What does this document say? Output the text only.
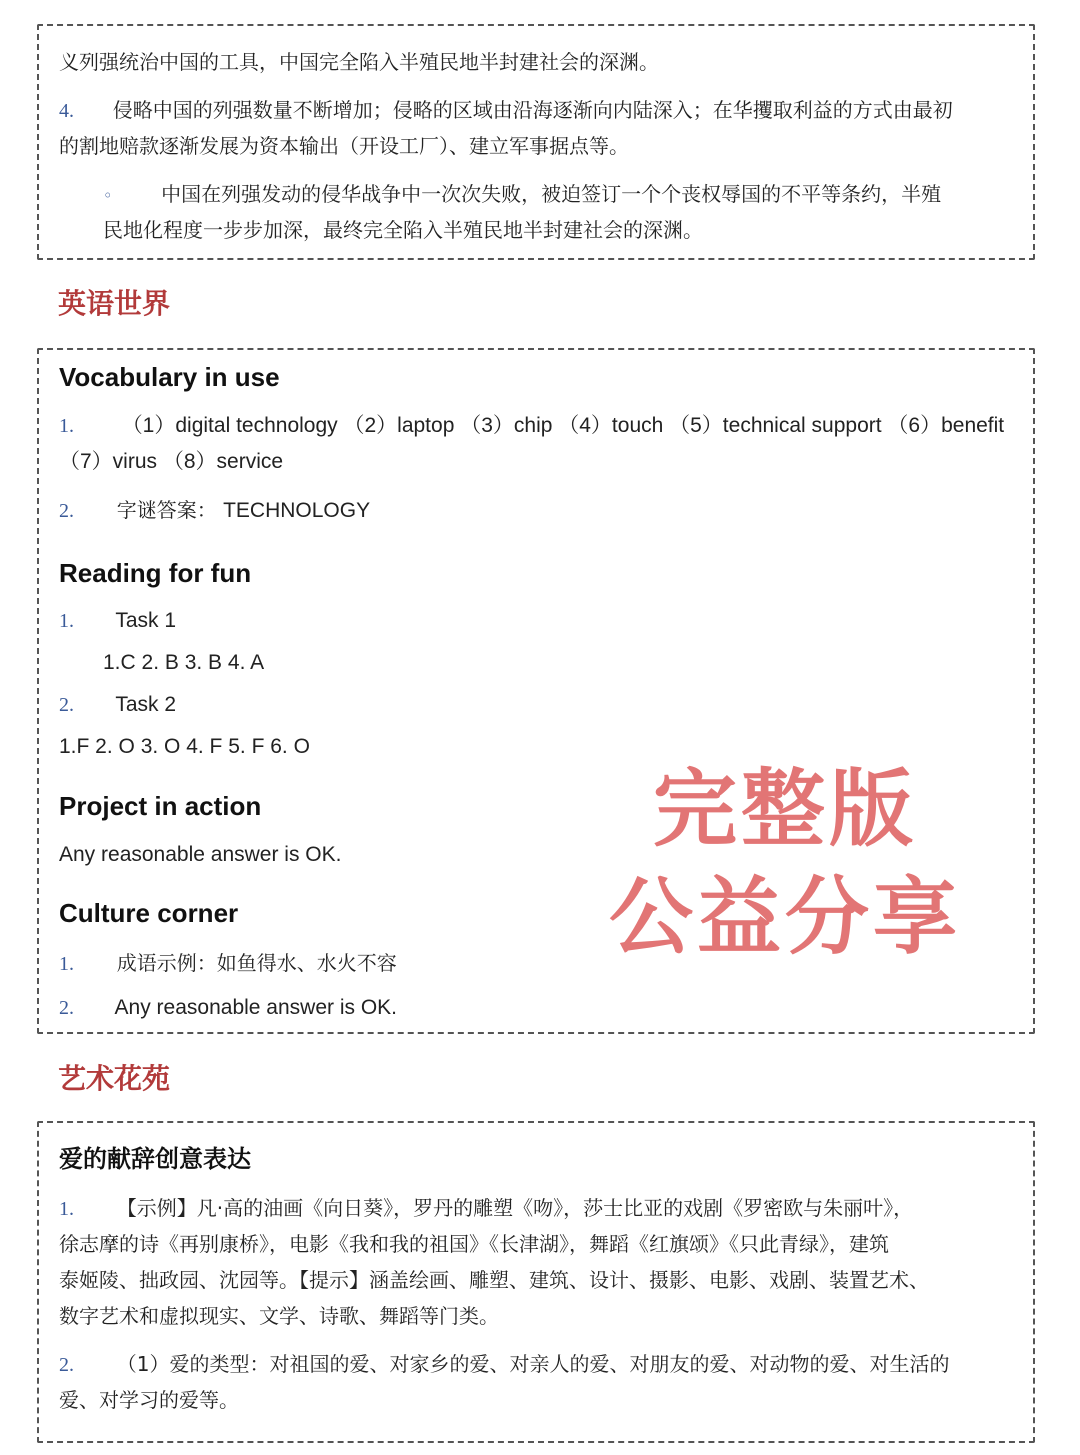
义列强统治中国的工具，中国完全陷入半殖民地半封建社会的深渊。
4. 侵略中国的列强数量不断增加；侵略的区域由沿海逐渐向内陆深入；在华攫取利益的方式由最初
的割地赔款逐渐发展为资本输出（开设工厂）、建立军事据点等。
◦ 中国在列强发动的侵华战争中一次次失败，被迫签订一个个丧权辱国的不平等条约，半殖
民地化程度一步步加深，最终完全陷入半殖民地半封建社会的深渊。
英语世界
Vocabulary in use
1. （1）digital technology （2）laptop （3）chip （4）touch （5）technical support （6）benefit
（7）virus （8）service
2. 字谜答案： TECHNOLOGY
Reading for fun
1. Task 1
1.C 2. B 3. B 4. A
2. Task 2
1.F 2. O 3. O 4. F 5. F 6. O
Project in action
Any reasonable answer is OK.
Culture corner
1. 成语示例：如鱼得水、水火不容
2. Any reasonable answer is OK.
完整版
公益分享
艺术花苑
爱的献辞创意表达
1. 【示例】凡·高的油画《向日葵》，罗丹的雕塑《吻》，莎士比亚的戏剧《罗密欧与朱丽叶》，
徐志摩的诗《再别康桥》，电影《我和我的祖国》《长津湖》，舞蹈《红旗颂》《只此青绿》，建筑
泰姬陵、拙政园、沈园等。【提示】涵盖绘画、雕塑、建筑、设计、摄影、电影、戏剧、装置艺术、
数字艺术和虚拟现实、文学、诗歌、舞蹈等门类。
2. （1）爱的类型：对祖国的爱、对家乡的爱、对亲人的爱、对朋友的爱、对动物的爱、对生活的
爱、对学习的爱等。
